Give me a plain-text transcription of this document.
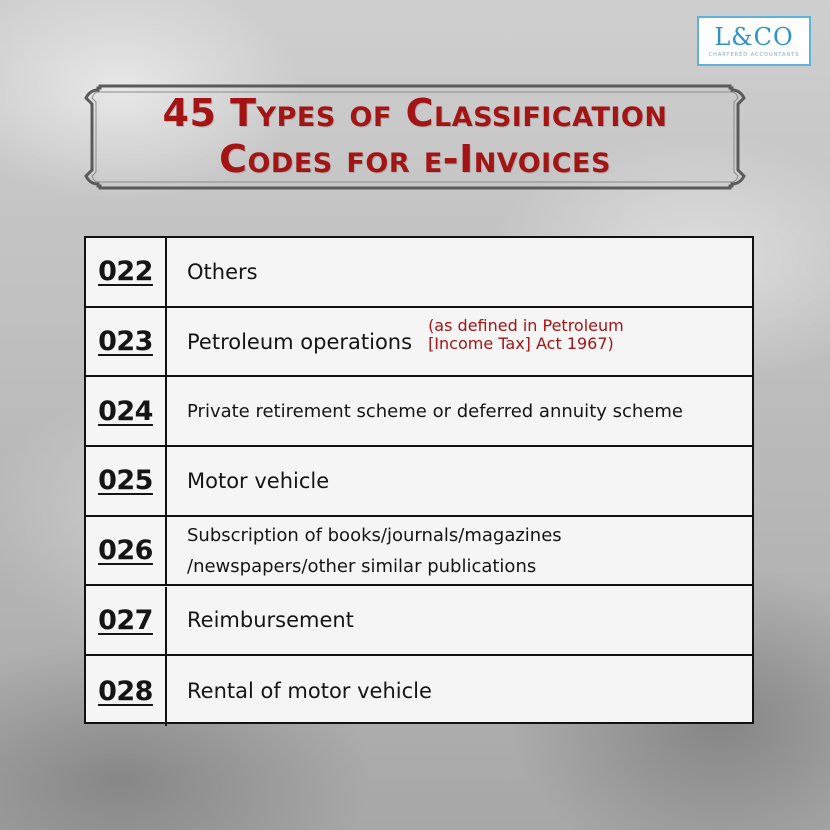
L&CO
CHARTERED ACCOUNTANTS
45 Types of Classification
Codes for e-Invoices
022	Others
023	Petroleum operations
(as defined in Petroleum
[Income Tax] Act 1967)
024	Private retirement scheme or deferred annuity scheme
025	Motor vehicle
026	Subscription of books/journals/magazines
/newspapers/other similar publications
027	Reimbursement
028	Rental of motor vehicle
